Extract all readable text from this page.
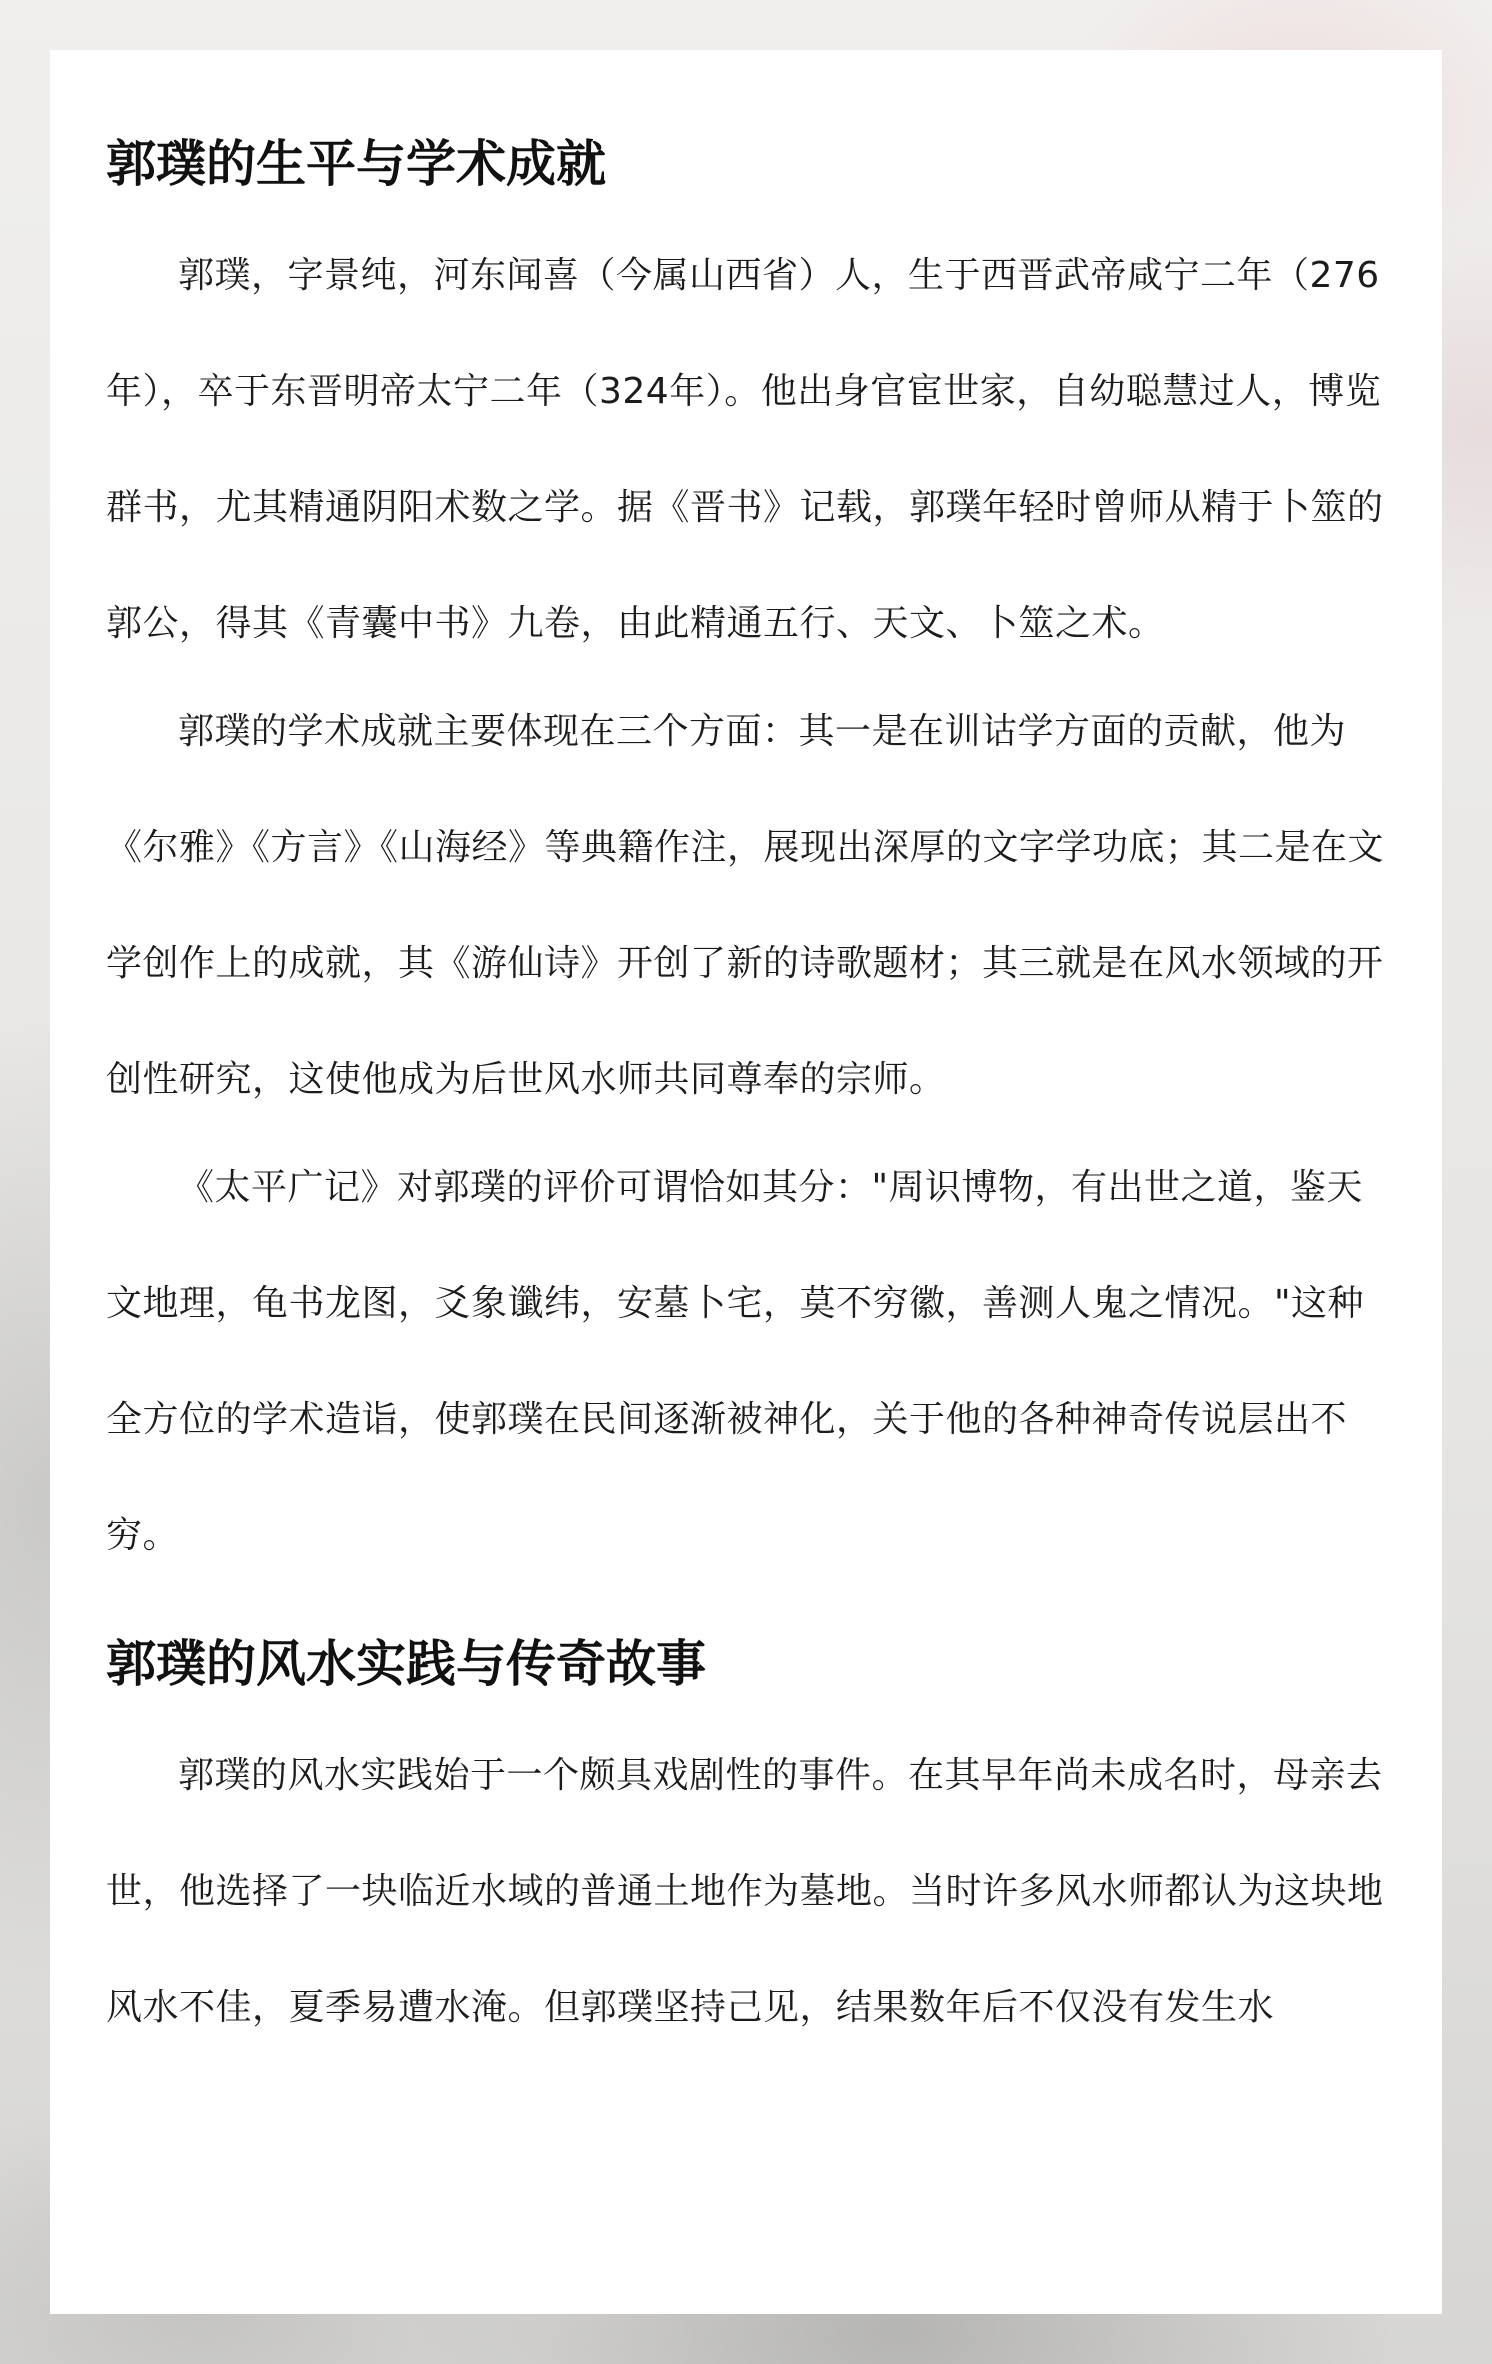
郭璞的生平与学术成就

郭璞，字景纯，河东闻喜（今属山西省）人，生于西晋武帝咸宁二年（276年），卒于东晋明帝太宁二年（324年）。他出身官宦世家，自幼聪慧过人，博览群书，尤其精通阴阳术数之学。据《晋书》记载，郭璞年轻时曾师从精于卜筮的郭公，得其《青囊中书》九卷，由此精通五行、天文、卜筮之术。

郭璞的学术成就主要体现在三个方面：其一是在训诂学方面的贡献，他为《尔雅》《方言》《山海经》等典籍作注，展现出深厚的文字学功底；其二是在文学创作上的成就，其《游仙诗》开创了新的诗歌题材；其三就是在风水领域的开创性研究，这使他成为后世风水师共同尊奉的宗师。

《太平广记》对郭璞的评价可谓恰如其分："周识博物，有出世之道，鉴天文地理，龟书龙图，爻象谶纬，安墓卜宅，莫不穷徽，善测人鬼之情况。"这种全方位的学术造诣，使郭璞在民间逐渐被神化，关于他的各种神奇传说层出不穷。

郭璞的风水实践与传奇故事

郭璞的风水实践始于一个颇具戏剧性的事件。在其早年尚未成名时，母亲去世，他选择了一块临近水域的普通土地作为墓地。当时许多风水师都认为这块地风水不佳，夏季易遭水淹。但郭璞坚持己见，结果数年后不仅没有发生水
